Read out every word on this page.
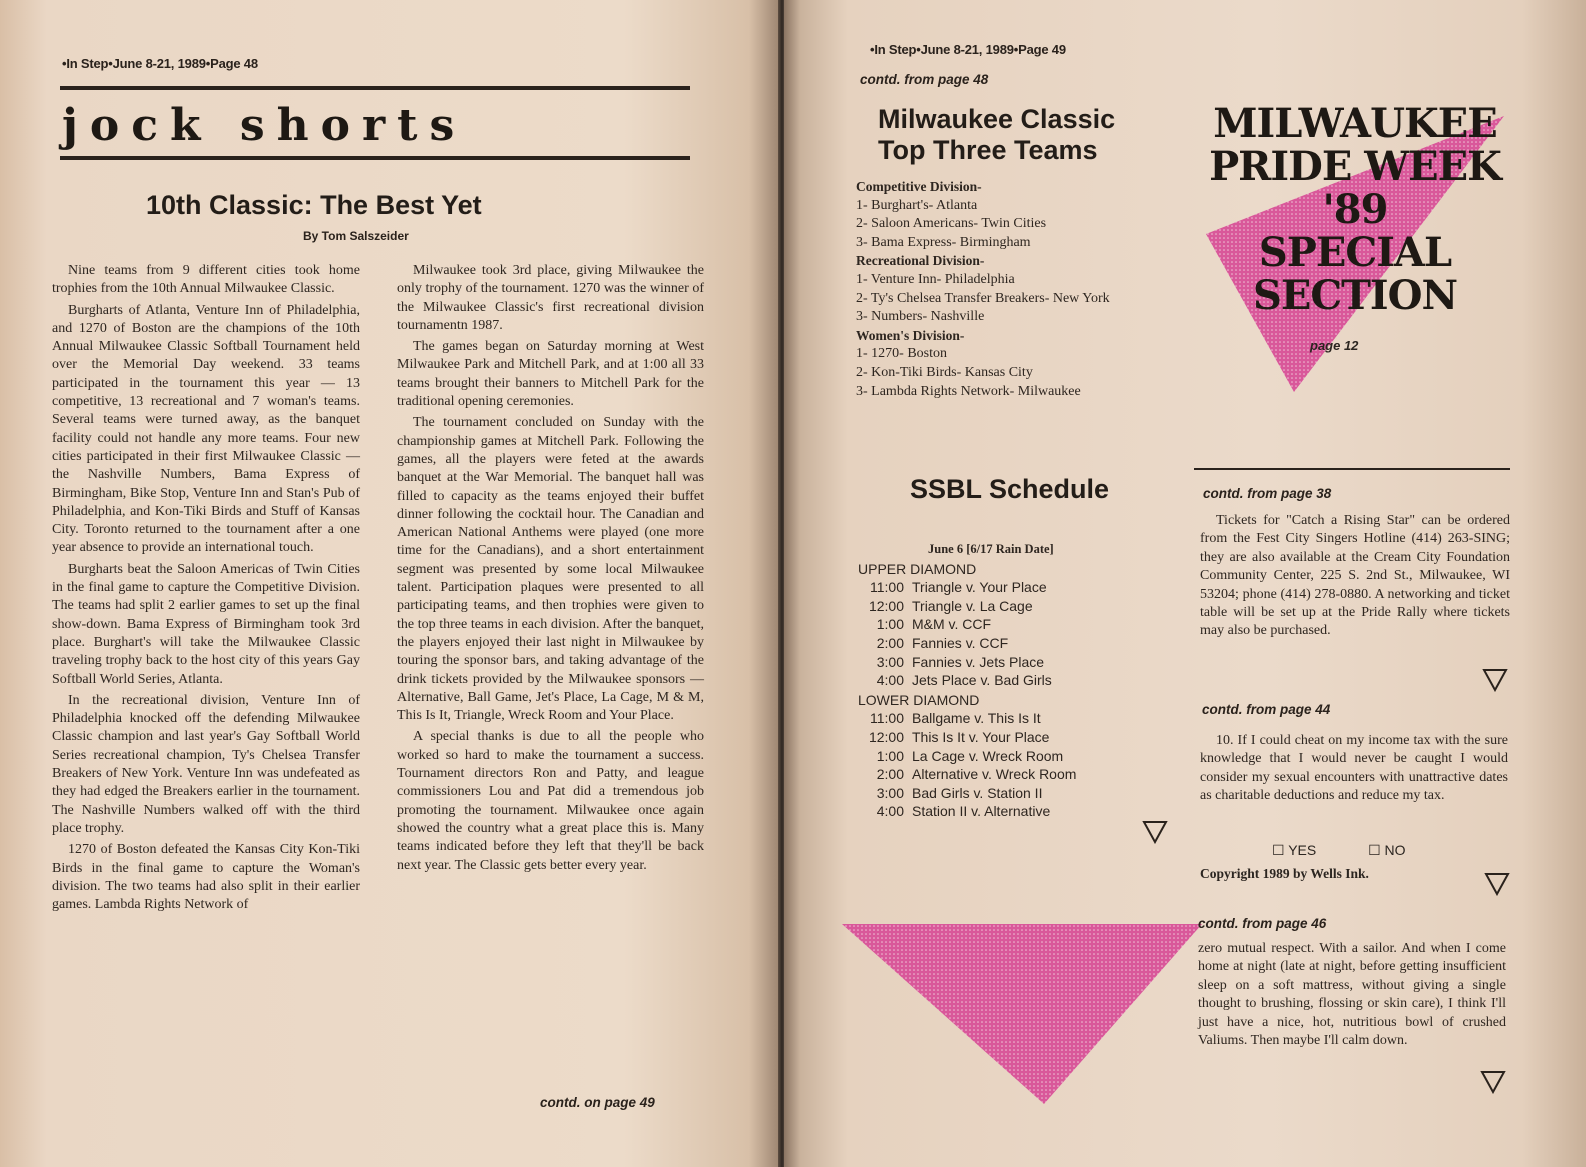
•In Step•June 8-21, 1989•Page 48
jock shorts
10th Classic: The Best Yet
By Tom Salszeider

Nine teams from 9 different cities took home trophies from the 10th Annual Milwaukee Classic.

Burgharts of Atlanta, Venture Inn of Philadelphia, and 1270 of Boston are the champions of the 10th Annual Milwaukee Classic Softball Tournament held over the Memorial Day weekend. 33 teams participated in the tournament this year — 13 competitive, 13 recreational and 7 woman's teams. Several teams were turned away, as the banquet facility could not handle any more teams. Four new cities participated in their first Milwaukee Classic — the Nashville Numbers, Bama Express of Birmingham, Bike Stop, Venture Inn and Stan's Pub of Philadelphia, and Kon-Tiki Birds and Stuff of Kansas City. Toronto returned to the tournament after a one year absence to provide an international touch.

Burgharts beat the Saloon Americas of Twin Cities in the final game to capture the Competitive Division. The teams had split 2 earlier games to set up the final show-down. Bama Express of Birmingham took 3rd place. Burghart's will take the Milwaukee Classic traveling trophy back to the host city of this years Gay Softball World Series, Atlanta.

In the recreational division, Venture Inn of Philadelphia knocked off the defending Milwaukee Classic champion and last year's Gay Softball World Series recreational champion, Ty's Chelsea Transfer Breakers of New York. Venture Inn was undefeated as they had edged the Breakers earlier in the tournament. The Nashville Numbers walked off with the third place trophy.

1270 of Boston defeated the Kansas City Kon-Tiki Birds in the final game to capture the Woman's division. The two teams had also split in their earlier games. Lambda Rights Network of

Milwaukee took 3rd place, giving Milwaukee the only trophy of the tournament. 1270 was the winner of the Milwaukee Classic's first recreational division tournamentn 1987.

The games began on Saturday morning at West Milwaukee Park and Mitchell Park, and at 1:00 all 33 teams brought their banners to Mitchell Park for the traditional opening ceremonies.

The tournament concluded on Sunday with the championship games at Mitchell Park. Following the games, all the players were feted at the awards banquet at the War Memorial. The banquet hall was filled to capacity as the teams enjoyed their buffet dinner following the cocktail hour. The Canadian and American National Anthems were played (one more time for the Canadians), and a short entertainment segment was presented by some local Milwaukee talent. Participation plaques were presented to all participating teams, and then trophies were given to the top three teams in each division. After the banquet, the players enjoyed their last night in Milwaukee by touring the sponsor bars, and taking advantage of the drink tickets provided by the Milwaukee sponsors — Alternative, Ball Game, Jet's Place, La Cage, M & M, This Is It, Triangle, Wreck Room and Your Place.

A special thanks is due to all the people who worked so hard to make the tournament a success. Tournament directors Ron and Patty, and league commissioners Lou and Pat did a tremendous job promoting the tournament. Milwaukee once again showed the country what a great place this is. Many teams indicated before they left that they'll be back next year. The Classic gets better every year.

contd. on page 49
•In Step•June 8-21, 1989•Page 49
contd. from page 48
Milwaukee Classic
Top Three Teams
Competitive Division-
1- Burghart's- Atlanta
2- Saloon Americans- Twin Cities
3- Bama Express- Birmingham
Recreational Division-
1- Venture Inn- Philadelphia
2- Ty's Chelsea Transfer Breakers- New York
3- Numbers- Nashville
Women's Division-
1- 1270- Boston
2- Kon-Tiki Birds- Kansas City
3- Lambda Rights Network- Milwaukee
MILWAUKEE
PRIDE WEEK
'89
SPECIAL
SECTION
page 12
SSBL Schedule
June 6 [6/17 Rain Date]
UPPER DIAMOND
11:00 Triangle v. Your Place
12:00 Triangle v. La Cage
1:00 M&M v. CCF
2:00 Fannies v. CCF
3:00 Fannies v. Jets Place
4:00 Jets Place v. Bad Girls
LOWER DIAMOND
11:00 Ballgame v. This Is It
12:00 This Is It v. Your Place
1:00 La Cage v. Wreck Room
2:00 Alternative v. Wreck Room
3:00 Bad Girls v. Station II
4:00 Station II v. Alternative
contd. from page 38

Tickets for "Catch a Rising Star" can be ordered from the Fest City Singers Hotline (414) 263-SING; they are also available at the Cream City Foundation Community Center, 225 S. 2nd St., Milwaukee, WI 53204; phone (414) 278-0880. A networking and ticket table will be set up at the Pride Rally where tickets may also be purchased.

contd. from page 44

10. If I could cheat on my income tax with the sure knowledge that I would never be caught I would consider my sexual encounters with unattractive dates as charitable deductions and reduce my tax.

☐ YES	☐ NO
Copyright 1989 by Wells Ink.
contd. from page 46

zero mutual respect. With a sailor. And when I come home at night (late at night, before getting insufficient sleep on a soft mattress, without giving a single thought to brushing, flossing or skin care), I think I'll just have a nice, hot, nutritious bowl of crushed Valiums. Then maybe I'll calm down.
